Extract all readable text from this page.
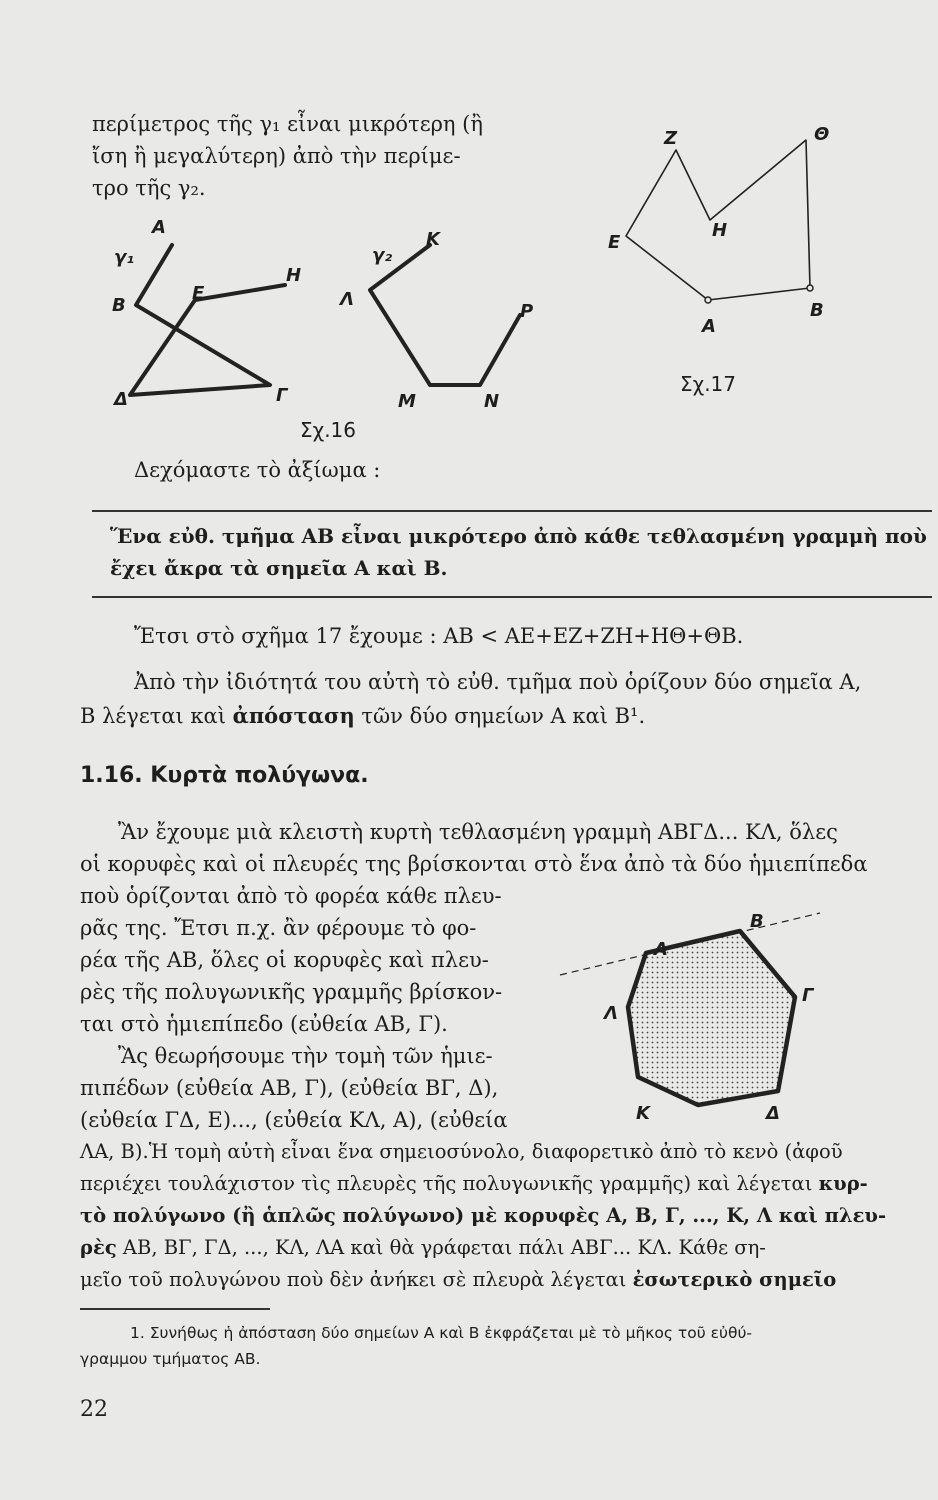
περίμετρος τῆς γ₁ εἶναι μικρότερη (ἢ

ἴση ἢ μεγαλύτερη) ἀπὸ τὴν περίμε-

τρο τῆς γ₂.

γ₁
Α
Β
Ε
Η
Δ	Γ
γ₂
Κ
Λ
Μ	Ν
Ρ

Σχ.16

Ζ	Θ
Η
Ε
Α
Β

Σχ.17

Δεχόμαστε τὸ ἀξίωμα :

Ἕνα εὐθ. τμῆμα ΑΒ εἶναι μικρότερο ἀπὸ κάθε τεθλασμένη γραμμὴ ποὺ

ἔχει ἄκρα τὰ σημεῖα Α καὶ Β.

Ἔτσι στὸ σχῆμα 17 ἔχουμε : ΑΒ < ΑΕ+ΕΖ+ΖΗ+ΗΘ+ΘΒ.

Ἀπὸ τὴν ἰδιότητά του αὐτὴ τὸ εὐθ. τμῆμα ποὺ ὁρίζουν δύο σημεῖα Α,

Β λέγεται καὶ ἀπόσταση τῶν δύο σημείων Α καὶ Β¹.

1.16. Κυρτὰ πολύγωνα.

Ἂν ἔχουμε μιὰ κλειστὴ κυρτὴ τεθλασμένη γραμμὴ ΑΒΓΔ... ΚΛ, ὅλες

οἱ κορυφὲς καὶ οἱ πλευρές της βρίσκονται στὸ ἕνα ἀπὸ τὰ δύο ἡμιεπίπεδα

ποὺ ὁρίζονται ἀπὸ τὸ φορέα κάθε πλευ-

ρᾶς της. Ἔτσι π.χ. ἂν φέρουμε τὸ φο-

ρέα τῆς ΑΒ, ὅλες οἱ κορυφὲς καὶ πλευ-

ρὲς τῆς πολυγωνικῆς γραμμῆς βρίσκον-

ται στὸ ἡμιεπίπεδο (εὐθεία ΑΒ, Γ).

Β
Α
Λ
Γ
Κ	Δ

Ἂς θεωρήσουμε τὴν τομὴ τῶν ἡμιε-

πιπέδων (εὐθεία ΑΒ, Γ), (εὐθεία ΒΓ, Δ),

(εὐθεία ΓΔ, Ε)..., (εὐθεία ΚΛ, Α), (εὐθεία

ΛΑ, Β).Ἡ τομὴ αὐτὴ εἶναι ἕνα σημειοσύνολο, διαφορετικὸ ἀπὸ τὸ κενὸ (ἀφοῦ

περιέχει τουλάχιστον τὶς πλευρὲς τῆς πολυγωνικῆς γραμμῆς) καὶ λέγεται κυρ-

τὸ πολύγωνο (ἢ ἁπλῶς πολύγωνο) μὲ κορυφὲς Α, Β, Γ, ..., Κ, Λ καὶ πλευ-

ρὲς ΑΒ, ΒΓ, ΓΔ, ..., ΚΛ, ΛΑ καὶ θὰ γράφεται πάλι ΑΒΓ... ΚΛ. Κάθε ση-

μεῖο τοῦ πολυγώνου ποὺ δὲν ἀνήκει σὲ πλευρὰ λέγεται ἐσωτερικὸ σημεῖο

1. Συνήθως ἡ ἀπόσταση δύο σημείων Α καὶ Β ἐκφράζεται μὲ τὸ μῆκος τοῦ εὐθύ-

γραμμου τμήματος ΑΒ.

22
